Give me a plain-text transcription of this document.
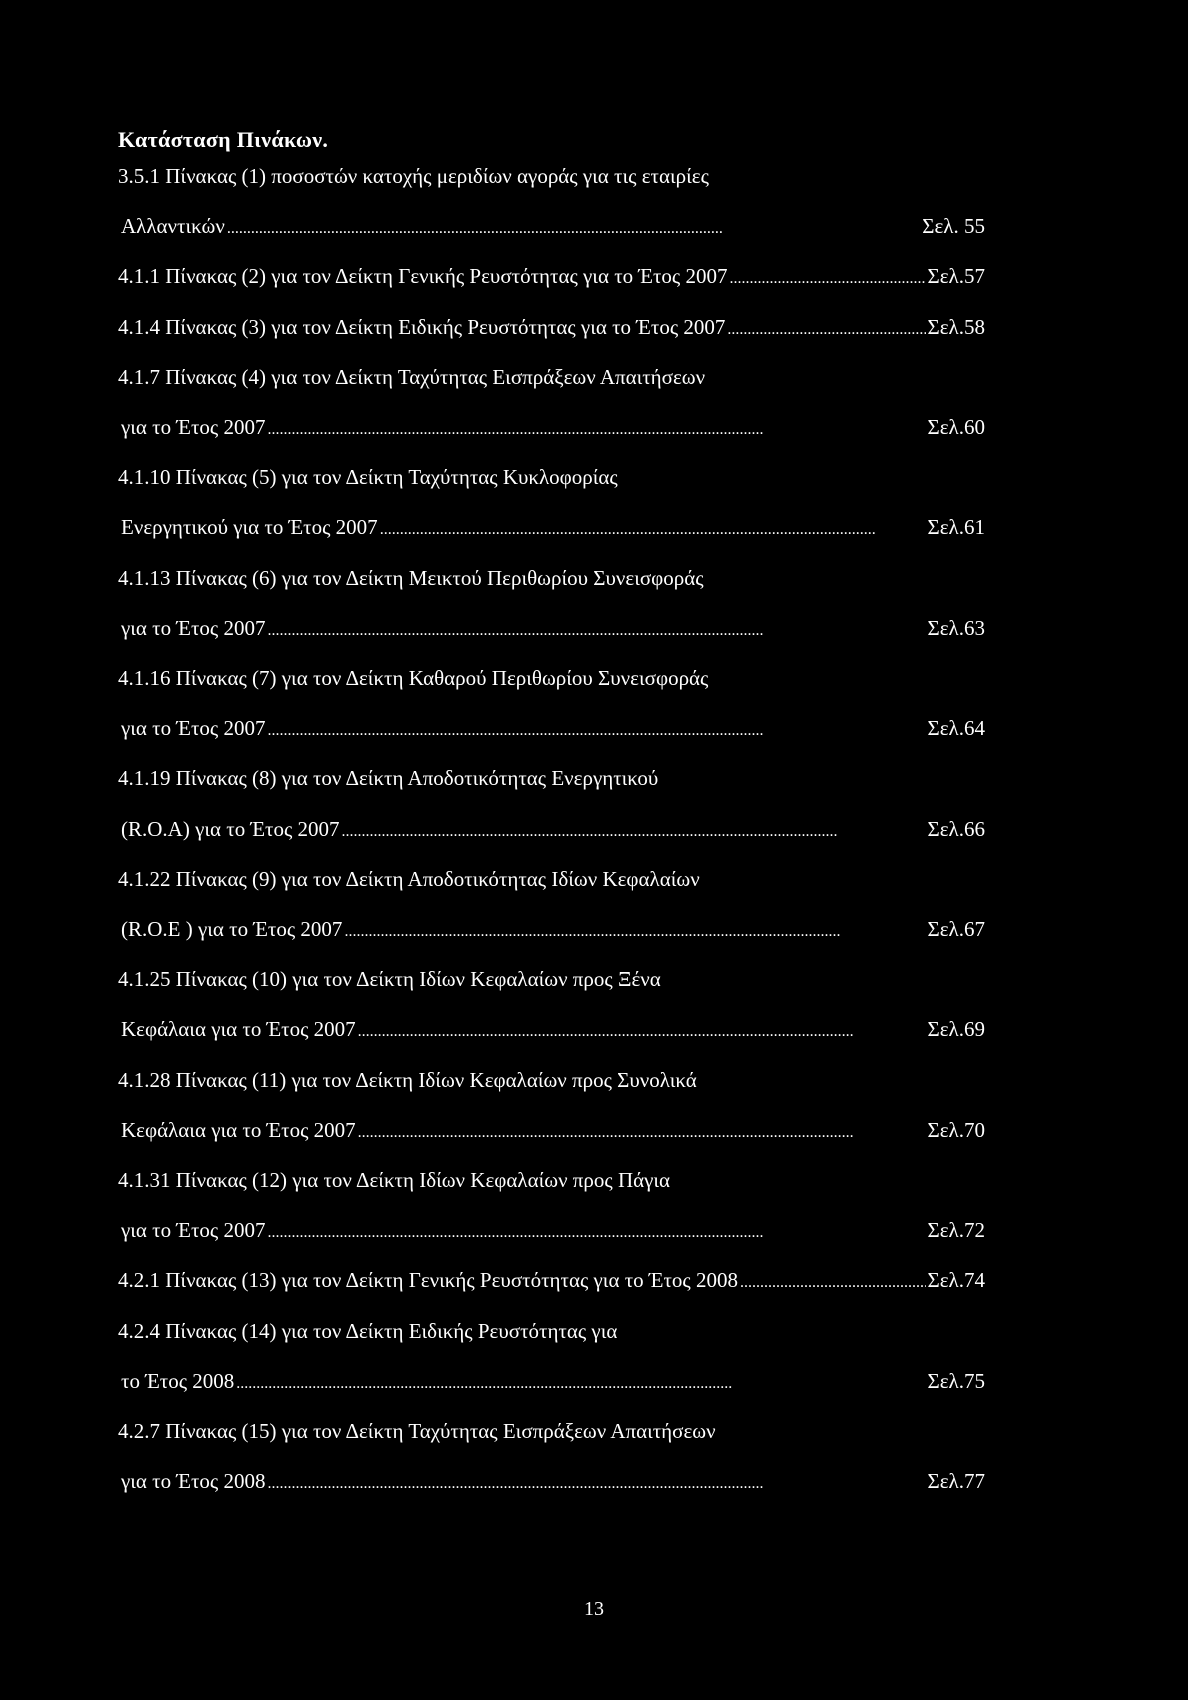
Κατάσταση Πινάκων.
3.5.1 Πίνακας (1) ποσοστών κατοχής μεριδίων αγοράς για τις εταιρίες
Αλλαντικών . . .	Σελ. 55
4.1.1 Πίνακας (2) για τον Δείκτη Γενικής Ρευστότητας για το Έτος 2007 . . .	Σελ.57
4.1.4 Πίνακας (3) για τον Δείκτη Ειδικής Ρευστότητας για το Έτος 2007 . . .	Σελ.58
4.1.7 Πίνακας (4) για τον Δείκτη Ταχύτητας Εισπράξεων Απαιτήσεων
για το Έτος 2007 . . .	Σελ.60
4.1.10 Πίνακας (5) για τον Δείκτη Ταχύτητας Κυκλοφορίας
Ενεργητικού για το Έτος 2007 . . .	Σελ.61
4.1.13 Πίνακας (6) για τον Δείκτη Μεικτού Περιθωρίου Συνεισφοράς
για το Έτος 2007 . . .	Σελ.63
4.1.16 Πίνακας (7) για τον Δείκτη Καθαρού Περιθωρίου Συνεισφοράς
για το Έτος 2007 . . .	Σελ.64
4.1.19 Πίνακας (8) για τον Δείκτη Αποδοτικότητας Ενεργητικού
(R.O.A) για το Έτος 2007 . . .	Σελ.66
4.1.22 Πίνακας (9) για τον Δείκτη Αποδοτικότητας Ιδίων Κεφαλαίων
(R.O.E ) για το Έτος 2007 . . .	Σελ.67
4.1.25 Πίνακας (10) για τον Δείκτη Ιδίων Κεφαλαίων προς Ξένα
Κεφάλαια για το Έτος 2007 . . .	Σελ.69
4.1.28 Πίνακας (11) για τον Δείκτη Ιδίων Κεφαλαίων προς Συνολικά
Κεφάλαια για το Έτος 2007 . . .	Σελ.70
4.1.31 Πίνακας (12) για τον Δείκτη Ιδίων Κεφαλαίων προς Πάγια
για το Έτος 2007 . . .	Σελ.72
4.2.1 Πίνακας (13) για τον Δείκτη Γενικής Ρευστότητας για το Έτος 2008 . . .	Σελ.74
4.2.4 Πίνακας (14) για τον Δείκτη Ειδικής Ρευστότητας για
το Έτος 2008 . . .	Σελ.75
4.2.7 Πίνακας (15) για τον Δείκτη Ταχύτητας Εισπράξεων Απαιτήσεων
για το Έτος 2008 . . .	Σελ.77
13
